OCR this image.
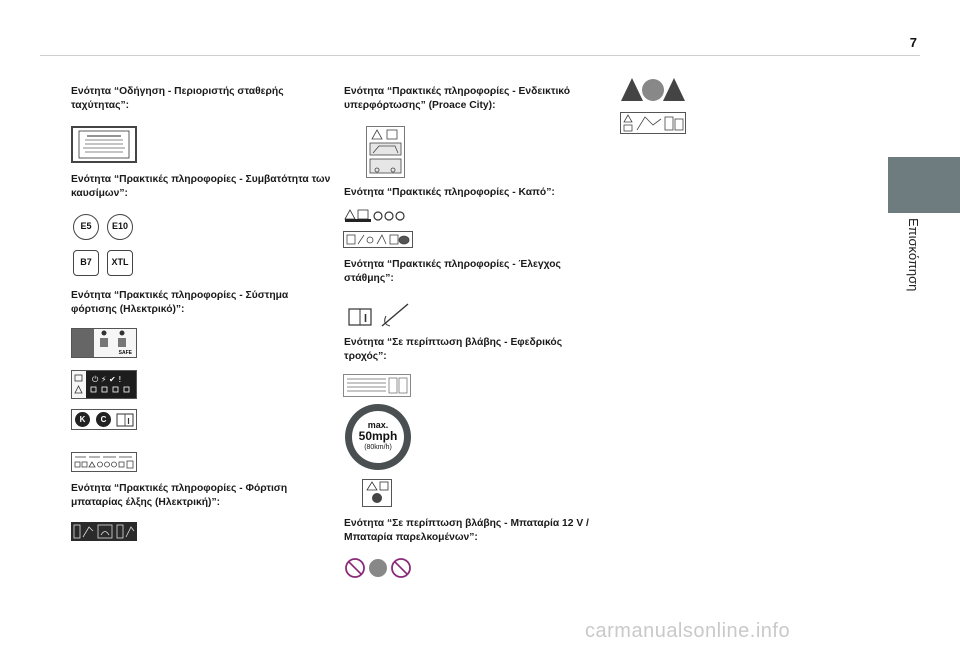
7
Επισκόπηση
Ενότητα “Οδήγηση - Περιοριστής σταθερής ταχύτητας”:
Ενότητα “Πρακτικές πληροφορίες - Συμβατότητα των καυσίμων”:
E5	E10
B7	XTL
Ενότητα “Πρακτικές πληροφορίες - Σύστημα φόρτισης (Ηλεκτρικό)”:
SAFE
⏻ ⚡ ✔ !
K	C
Ενότητα “Πρακτικές πληροφορίες - Φόρτιση μπαταρίας έλξης (Ηλεκτρική)”:
Ενότητα “Πρακτικές πληροφορίες - Ενδεικτικό υπερφόρτωσης” (Proace City):
Ενότητα “Πρακτικές πληροφορίες - Καπό”:
Ενότητα “Πρακτικές πληροφορίες - Έλεγχος στάθμης”:
Ενότητα “Σε περίπτωση βλάβης - Εφεδρικός τροχός”:
max.
50mph
(80km/h)
Ενότητα “Σε περίπτωση βλάβης - Μπαταρία 12 V / Μπαταρία παρελκομένων”:
carmanualsonline.info
